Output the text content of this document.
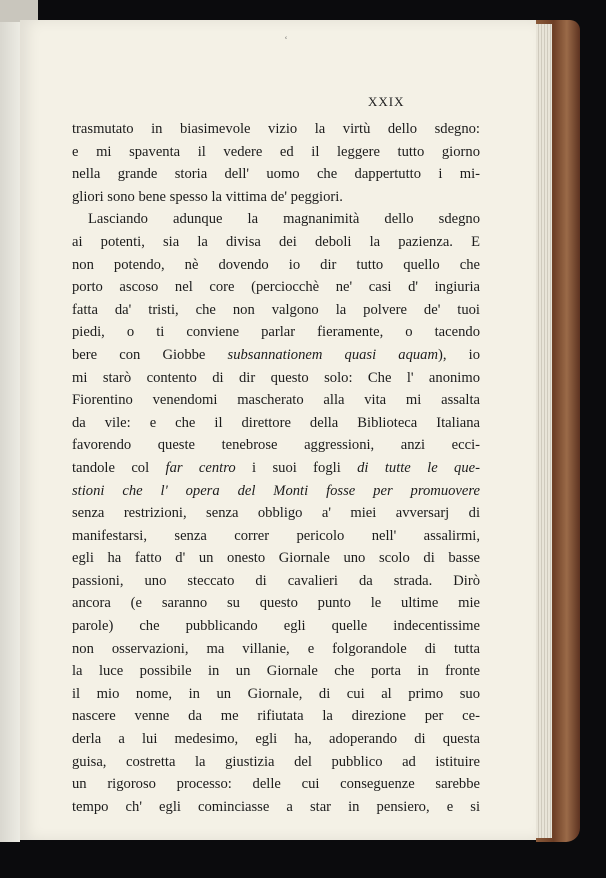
ʿ
XXIX
trasmutato in biasimevole vizio la virtù dello sdegno:
e mi spaventa il vedere ed il leggere tutto giorno
nella grande storia dell' uomo che dappertutto i mi-
gliori sono bene spesso la vittima de' peggiori.
Lasciando adunque la magnanimità dello sdegno
ai potenti, sia la divisa dei deboli la pazienza. E
non potendo, nè dovendo io dir tutto quello che
porto ascoso nel core (perciocchè ne' casi d' ingiuria
fatta da' tristi, che non valgono la polvere de' tuoi
piedi, o ti conviene parlar fieramente, o tacendo
bere con Giobbe subsannationem quasi aquam), io
mi starò contento di dir questo solo: Che l' anonimo
Fiorentino venendomi mascherato alla vita mi assalta
da vile: e che il direttore della Biblioteca Italiana
favorendo queste tenebrose aggressioni, anzi ecci-
tandole col far centro i suoi fogli di tutte le que-
stioni che l' opera del Monti fosse per promuovere
senza restrizioni, senza obbligo a' miei avversarj di
manifestarsi, senza correr pericolo nell' assalirmi,
egli ha fatto d' un onesto Giornale uno scolo di basse
passioni, uno steccato di cavalieri da strada. Dirò
ancora (e saranno su questo punto le ultime mie
parole) che pubblicando egli quelle indecentissime
non osservazioni, ma villanie, e folgorandole di tutta
la luce possibile in un Giornale che porta in fronte
il mio nome, in un Giornale, di cui al primo suo
nascere venne da me rifiutata la direzione per ce-
derla a lui medesimo, egli ha, adoperando di questa
guisa, costretta la giustizia del pubblico ad istituire
un rigoroso processo: delle cui conseguenze sarebbe
tempo ch' egli cominciasse a star in pensiero, e si
